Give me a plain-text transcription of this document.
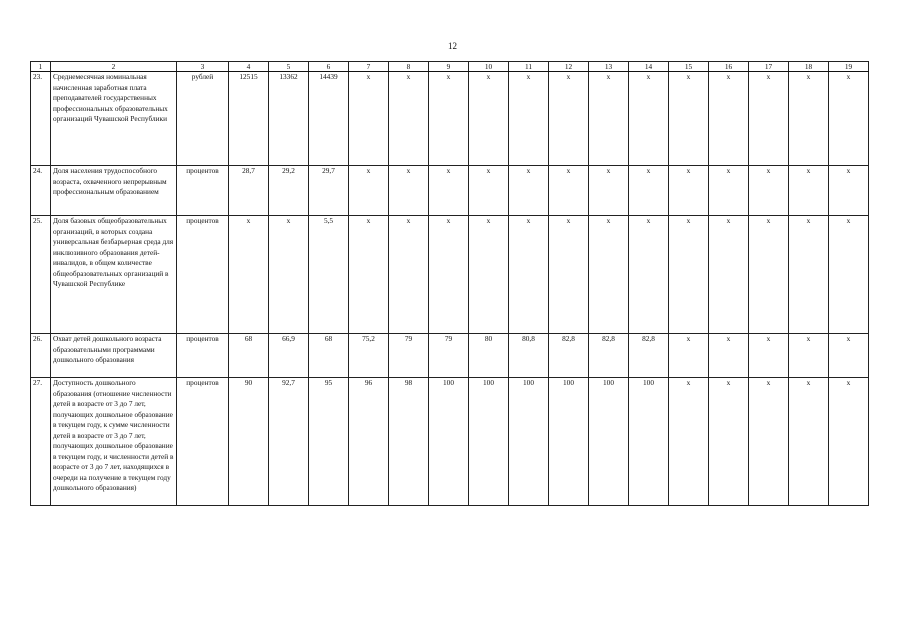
12
1	2	3	4	5	6	7	8	9	10	11	12	13	14	15	16	17	18	19
23.	Среднемесячная номинальная начисленная заработная плата преподавателей государственных профессиональных образовательных организаций Чувашской Республики	рублей	12515	13362	14439	x	x	x	x	x	x	x	x	x	x	x	x	x
24.	Доля населения трудоспособного возраста, охваченного непрерывным профессиональным образованием	процентов	28,7	29,2	29,7	x	x	x	x	x	x	x	x	x	x	x	x	x
25.	Доля базовых общеобразовательных организаций, в которых создана универсальная безбарьерная среда для инклюзивного образования детей-инвалидов, в общем количестве общеобразовательных организаций в Чувашской Республике	процентов	x	x	5,5	x	x	x	x	x	x	x	x	x	x	x	x	x
26.	Охват детей дошкольного возраста образовательными программами дошкольного образования	процентов	68	66,9	68	75,2	79	79	80	80,8	82,8	82,8	82,8	x	x	x	x	x
27.	Доступность дошкольного образования (отношение численности детей в возрасте от 3 до 7 лет, получающих дошкольное образование в текущем году, к сумме численности детей в возрасте от 3 до 7 лет, получающих дошкольное образование в текущем году, и численности детей в возрасте от 3 до 7 лет, находящихся в очереди на получение в текущем году дошкольного образования)	процентов	90	92,7	95	96	98	100	100	100	100	100	100	x	x	x	x	x
